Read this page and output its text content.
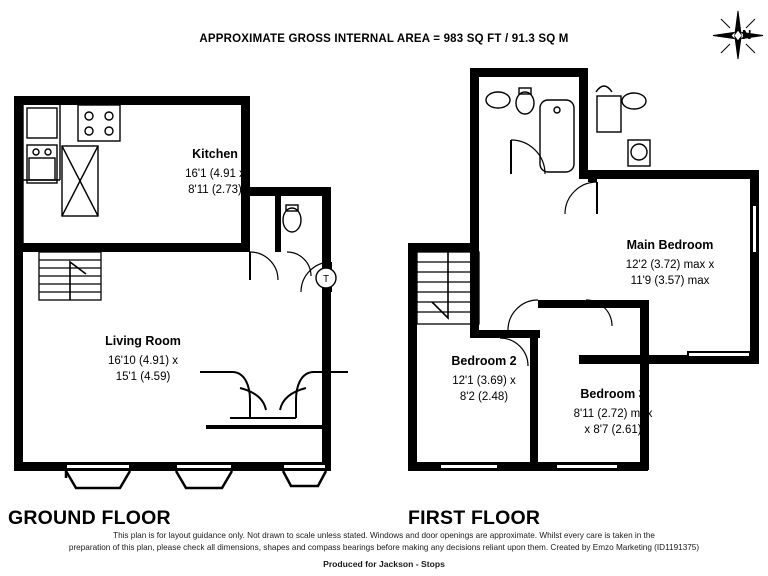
APPROXIMATE GROSS INTERNAL AREA = 983 SQ FT / 91.3 SQ M	N
T
Kitchen
16'1 (4.91 x
8'11 (2.73)
Living Room
16'10 (4.91) x
15'1 (4.59)
Main Bedroom
12'2 (3.72) max x
11'9 (3.57) max
Bedroom 2
12'1 (3.69) x
8'2 (2.48)	Bedroom 3
8'11 (2.72) max
x 8'7 (2.61)
GROUND FLOOR	FIRST FLOOR
This plan is for layout guidance only. Not drawn to scale unless stated. Windows and door openings are approximate. Whilst every care is taken in the
preparation of this plan, please check all dimensions, shapes and compass bearings before making any decisions reliant upon them. Created by Emzo Marketing (ID1191375)
Produced for Jackson - Stops
